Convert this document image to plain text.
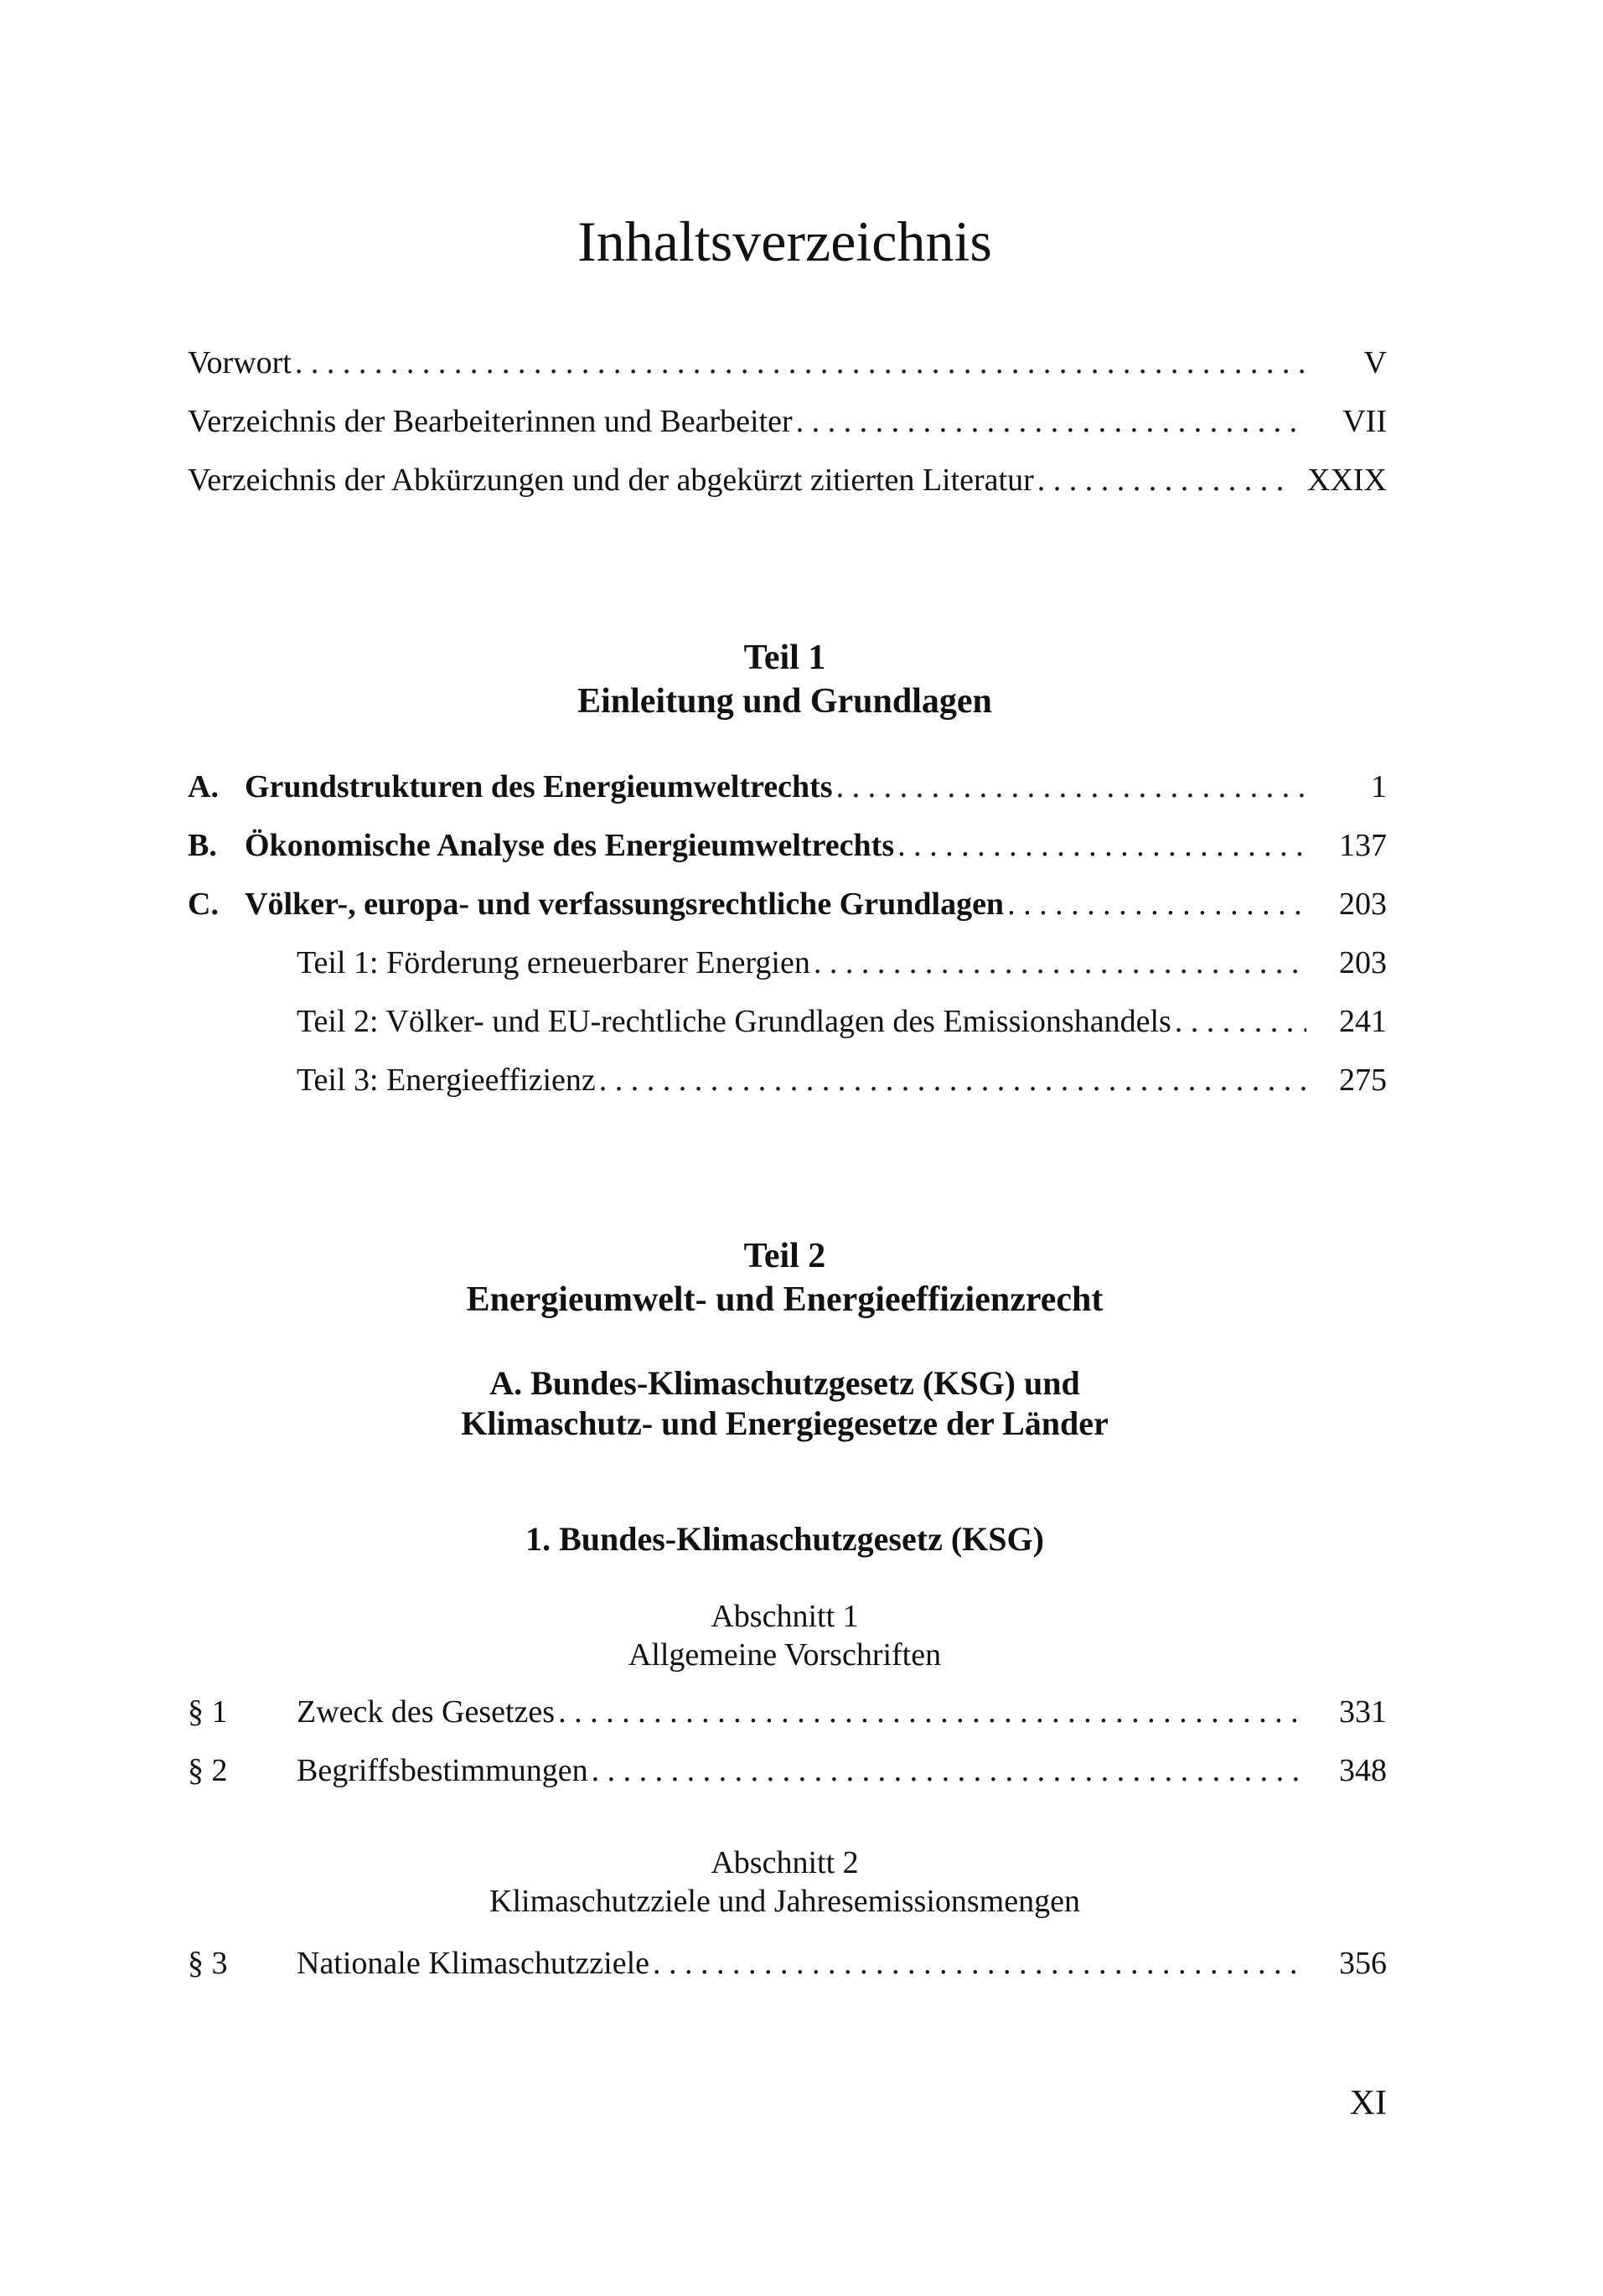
Inhaltsverzeichnis
Vorwort . . .	V
Verzeichnis der Bearbeiterinnen und Bearbeiter . . .	VII
Verzeichnis der Abkürzungen und der abgekürzt zitierten Literatur . . .	XXIX
Teil 1
Einleitung und Grundlagen
A. Grundstrukturen des Energieumweltrechts . . .	1
B. Ökonomische Analyse des Energieumweltrechts . . .	137
C. Völker-, europa- und verfassungsrechtliche Grundlagen . . .	203
Teil 1: Förderung erneuerbarer Energien . . .	203
Teil 2: Völker- und EU-rechtliche Grundlagen des Emissionshandels . . .	241
Teil 3: Energieeffizienz . . .	275
Teil 2
Energieumwelt- und Energieeffizienzrecht
A. Bundes-Klimaschutzgesetz (KSG) und
Klimaschutz- und Energiegesetze der Länder
1. Bundes-Klimaschutzgesetz (KSG)
Abschnitt 1
Allgemeine Vorschriften
§ 1	Zweck des Gesetzes . . .	331
§ 2	Begriffsbestimmungen . . .	348
Abschnitt 2
Klimaschutzziele und Jahresemissionsmengen
§ 3	Nationale Klimaschutzziele . . .	356
XI
